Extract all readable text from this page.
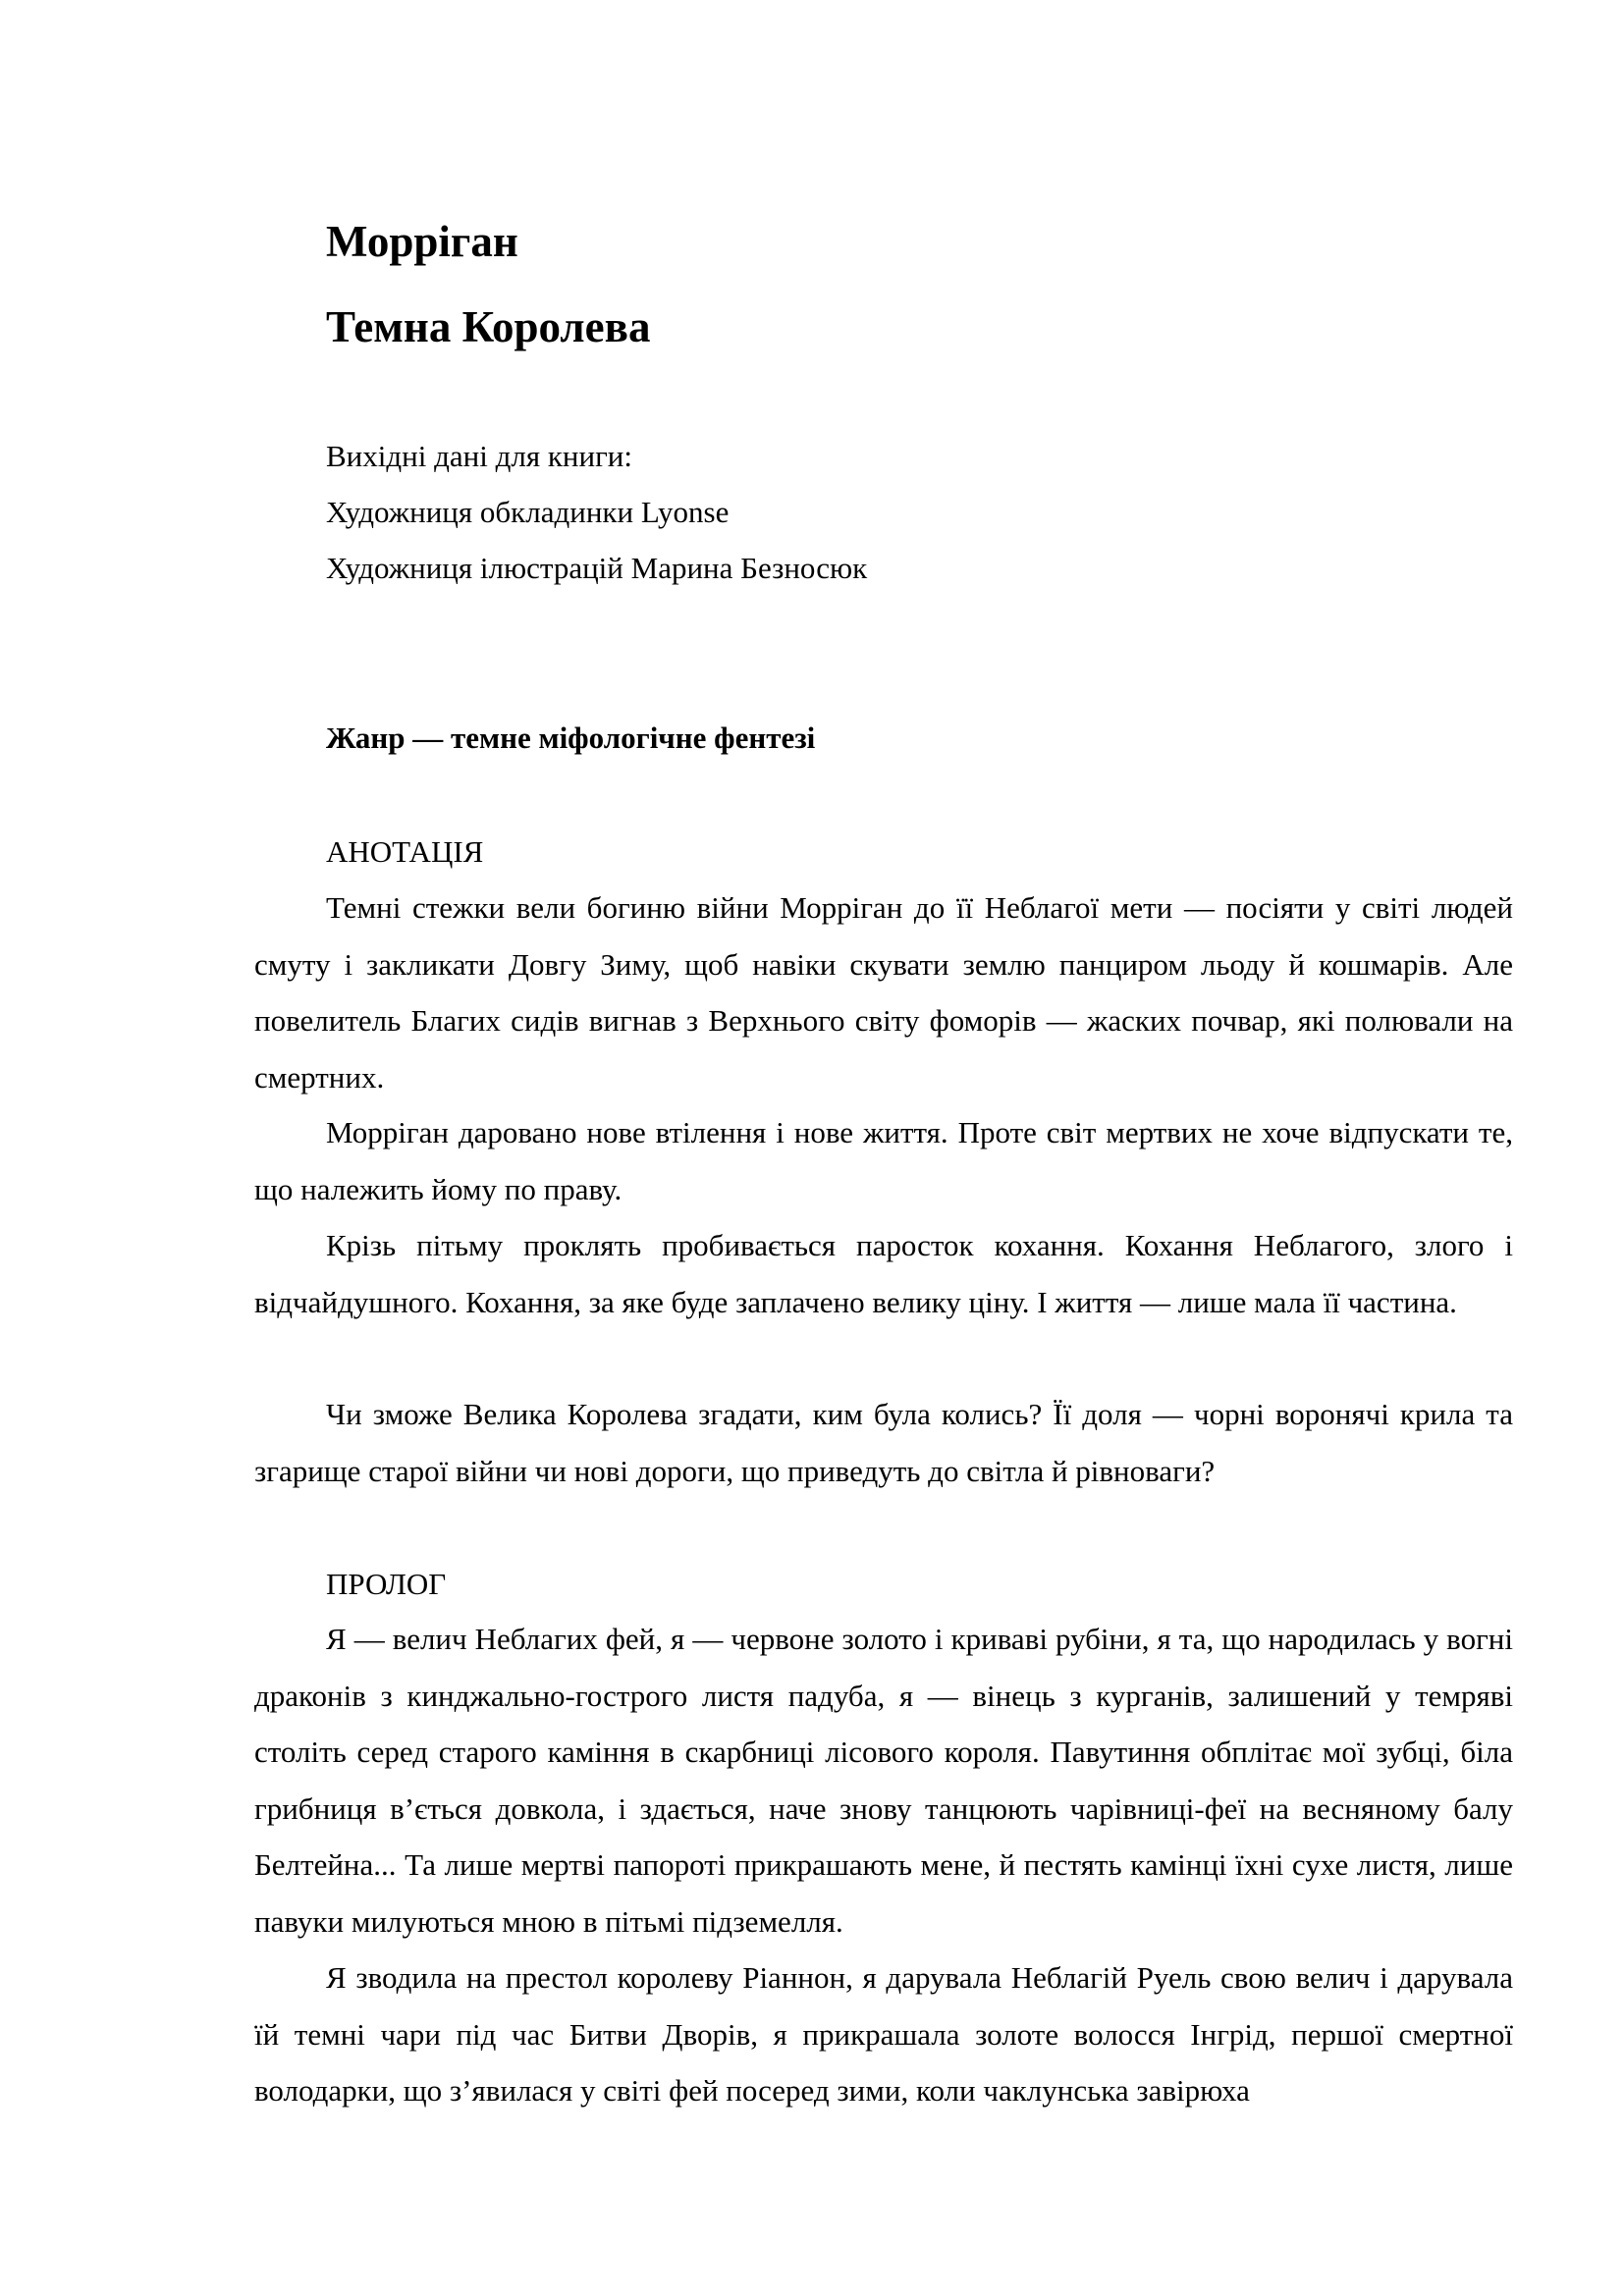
Морріган
Темна Королева
Вихідні дані для книги:
Художниця обкладинки Lyonse
Художниця ілюстрацій Марина Безносюк
Жанр — темне міфологічне фентезі
АНОТАЦІЯ

Темні стежки вели богиню війни Морріган до її Неблагої мети — посіяти у світі людей смуту і закликати Довгу Зиму, щоб навіки скувати землю панциром льоду й кошмарів. Але повелитель Благих сидів вигнав з Верхнього світу фоморів — жаских почвар, які полювали на смертних.

Морріган даровано нове втілення і нове життя. Проте світ мертвих не хоче відпускати те, що належить йому по праву.

Крізь пітьму проклять пробивається паросток кохання. Кохання Неблагого, злого і відчайдушного. Кохання, за яке буде заплачено велику ціну. І життя — лише мала її частина.

Чи зможе Велика Королева згадати, ким була колись? Її доля — чорні воронячі крила та згарище старої війни чи нові дороги, що приведуть до світла й рівноваги?

ПРОЛОГ

Я — велич Неблагих фей, я — червоне золото і криваві рубіни, я та, що народилась у вогні драконів з кинджально-гострого листя падуба, я — вінець з курганів, залишений у темряві століть серед старого каміння в скарбниці лісового короля. Павутиння обплітає мої зубці, біла грибниця в’ється довкола, і здається, наче знову танцюють чарівниці-феї на весняному балу Белтейна... Та лише мертві папороті прикрашають мене, й пестять камінці їхні сухе листя, лише павуки милуються мною в пітьмі підземелля.

Я зводила на престол королеву Ріаннон, я дарувала Неблагій Руель свою велич і дарувала їй темні чари під час Битви Дворів, я прикрашала золоте волосся Інгрід, першої смертної володарки, що з’явилася у світі фей посеред зими, коли чаклунська завірюха
